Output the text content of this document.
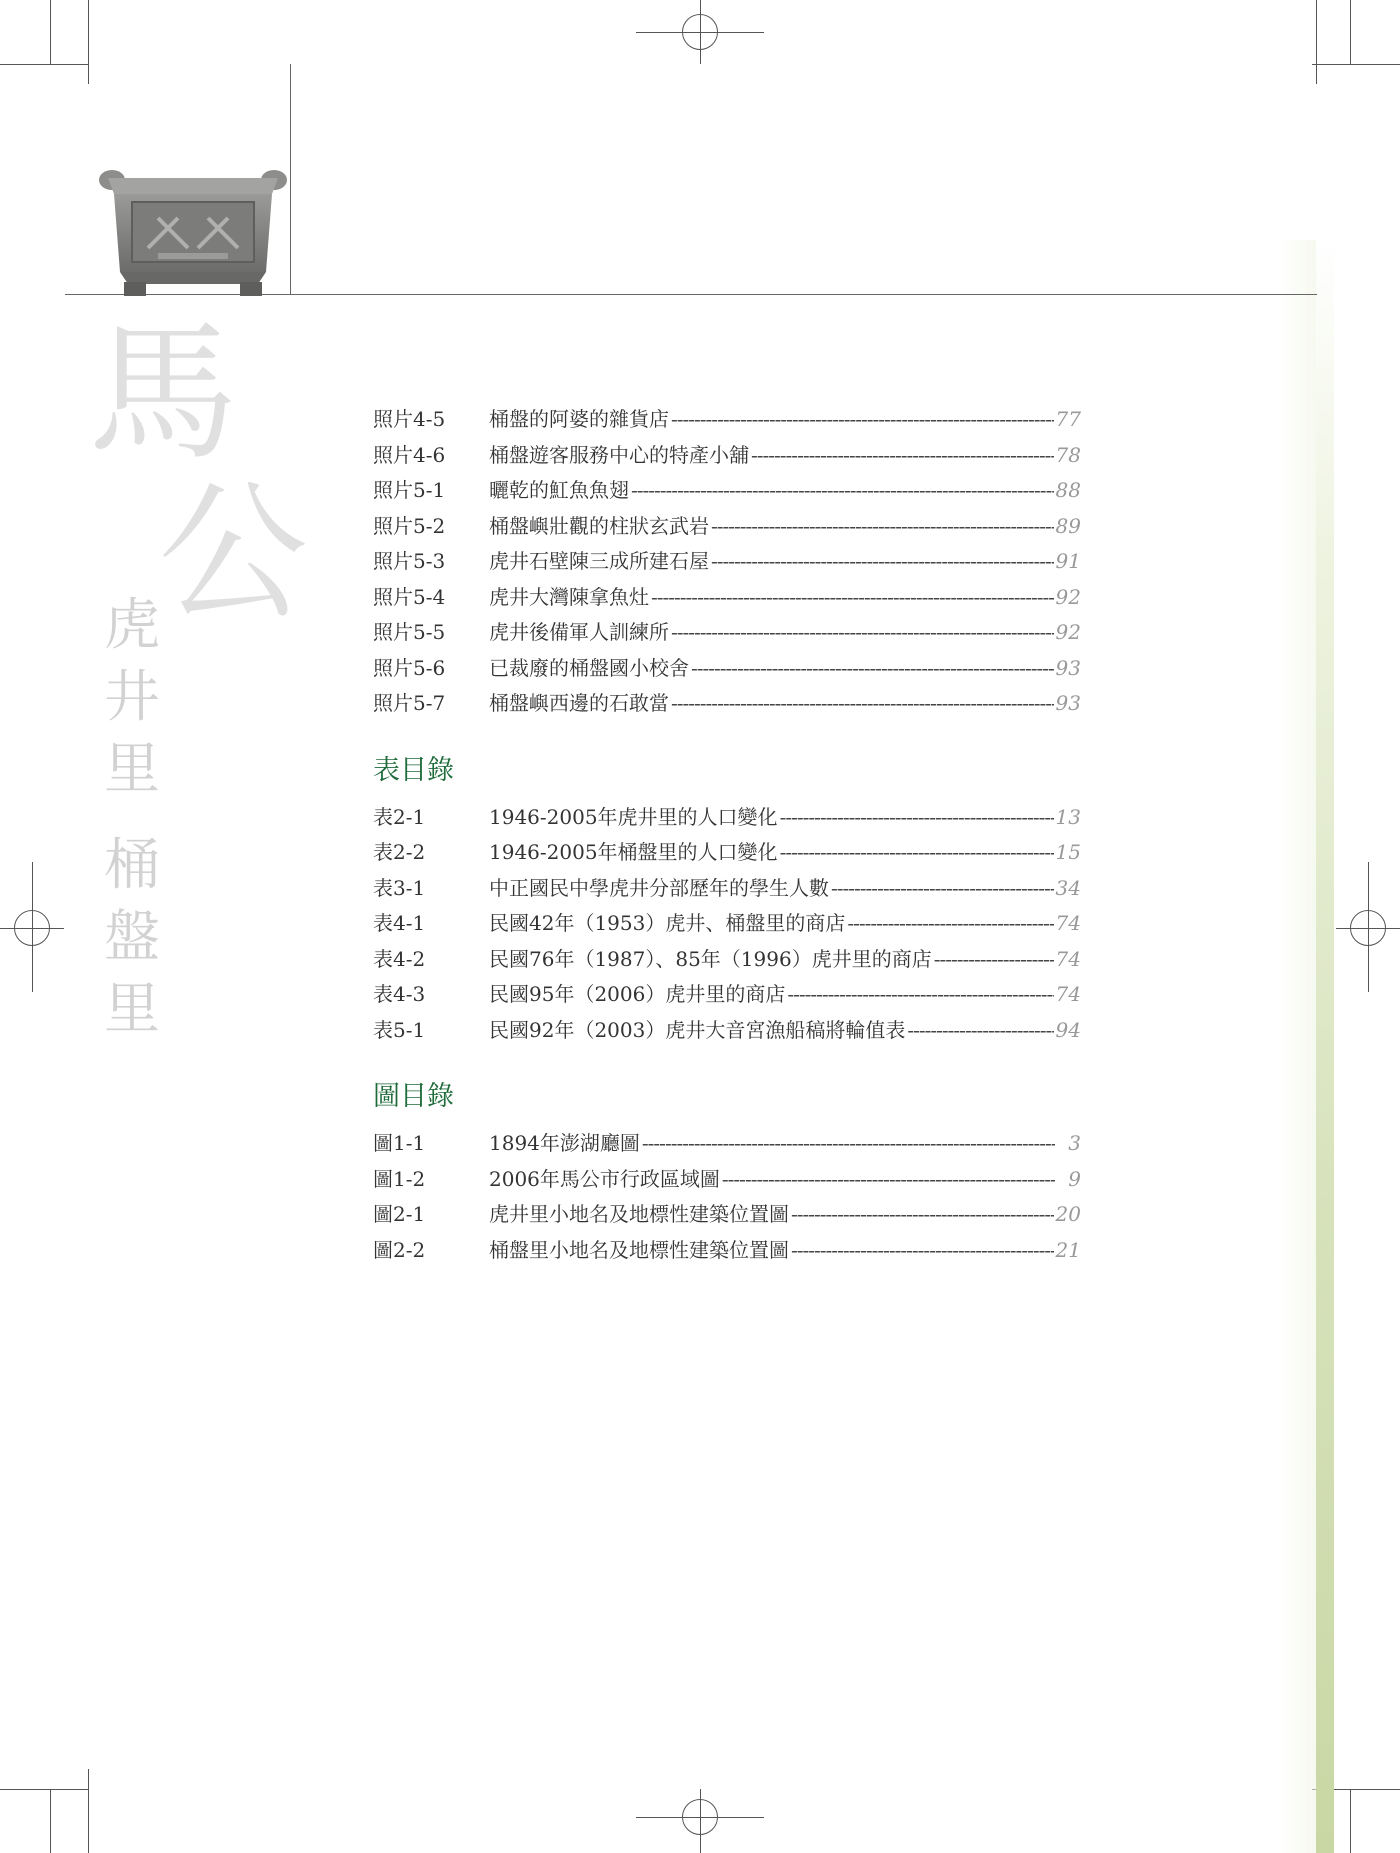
馬
公
虎
井
里
桶
盤
里
照片4-5	桶盤的阿婆的雜貨店 -----	77
照片4-6	桶盤遊客服務中心的特產小舖 -----	78
照片5-1	曬乾的魟魚魚翅 -----	88
照片5-2	桶盤嶼壯觀的柱狀玄武岩 -----	89
照片5-3	虎井石壁陳三成所建石屋 -----	91
照片5-4	虎井大灣陳拿魚灶 -----	92
照片5-5	虎井後備軍人訓練所 -----	92
照片5-6	已裁廢的桶盤國小校舍 -----	93
照片5-7	桶盤嶼西邊的石敢當 -----	93
表目錄
表2-1	1946-2005年虎井里的人口變化 -----	13
表2-2	1946-2005年桶盤里的人口變化 -----	15
表3-1	中正國民中學虎井分部歷年的學生人數 -----	34
表4-1	民國42年（1953）虎井、桶盤里的商店 -----	74
表4-2	民國76年（1987）、85年（1996）虎井里的商店 -----	74
表4-3	民國95年（2006）虎井里的商店 -----	74
表5-1	民國92年（2003）虎井大音宮漁船稿將輪值表 -----	94
圖目錄
圖1-1	1894年澎湖廳圖 -----	3
圖1-2	2006年馬公市行政區域圖 -----	9
圖2-1	虎井里小地名及地標性建築位置圖 -----	20
圖2-2	桶盤里小地名及地標性建築位置圖 -----	21
